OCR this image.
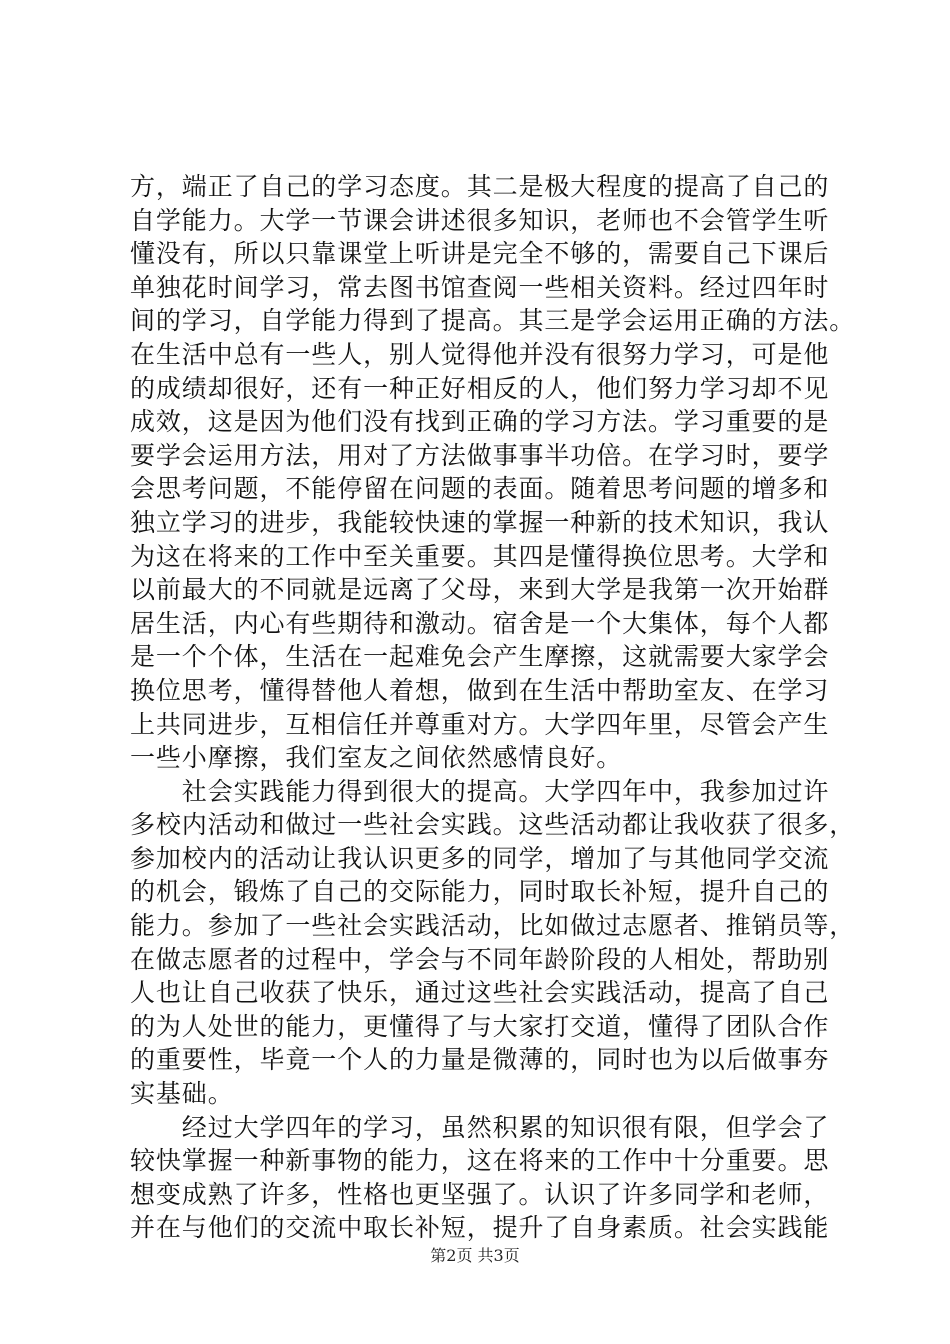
方，端正了自己的学习态度。其二是极大程度的提高了自己的
自学能力。大学一节课会讲述很多知识，老师也不会管学生听
懂没有，所以只靠课堂上听讲是完全不够的，需要自己下课后
单独花时间学习，常去图书馆查阅一些相关资料。经过四年时
间的学习，自学能力得到了提高。其三是学会运用正确的方法。
在生活中总有一些人，别人觉得他并没有很努力学习，可是他
的成绩却很好，还有一种正好相反的人，他们努力学习却不见
成效，这是因为他们没有找到正确的学习方法。学习重要的是
要学会运用方法，用对了方法做事事半功倍。在学习时，要学
会思考问题，不能停留在问题的表面。随着思考问题的增多和
独立学习的进步，我能较快速的掌握一种新的技术知识，我认
为这在将来的工作中至关重要。其四是懂得换位思考。大学和
以前最大的不同就是远离了父母，来到大学是我第一次开始群
居生活，内心有些期待和激动。宿舍是一个大集体，每个人都
是一个个体，生活在一起难免会产生摩擦，这就需要大家学会
换位思考，懂得替他人着想，做到在生活中帮助室友、在学习
上共同进步，互相信任并尊重对方。大学四年里，尽管会产生
一些小摩擦，我们室友之间依然感情良好。
　　社会实践能力得到很大的提高。大学四年中，我参加过许
多校内活动和做过一些社会实践。这些活动都让我收获了很多，
参加校内的活动让我认识更多的同学，增加了与其他同学交流
的机会，锻炼了自己的交际能力，同时取长补短，提升自己的
能力。参加了一些社会实践活动，比如做过志愿者、推销员等，
在做志愿者的过程中，学会与不同年龄阶段的人相处，帮助别
人也让自己收获了快乐，通过这些社会实践活动，提高了自己
的为人处世的能力，更懂得了与大家打交道，懂得了团队合作
的重要性，毕竟一个人的力量是微薄的，同时也为以后做事夯
实基础。
　　经过大学四年的学习，虽然积累的知识很有限，但学会了
较快掌握一种新事物的能力，这在将来的工作中十分重要。思
想变成熟了许多，性格也更坚强了。认识了许多同学和老师，
并在与他们的交流中取长补短，提升了自身素质。社会实践能
第2页 共3页
